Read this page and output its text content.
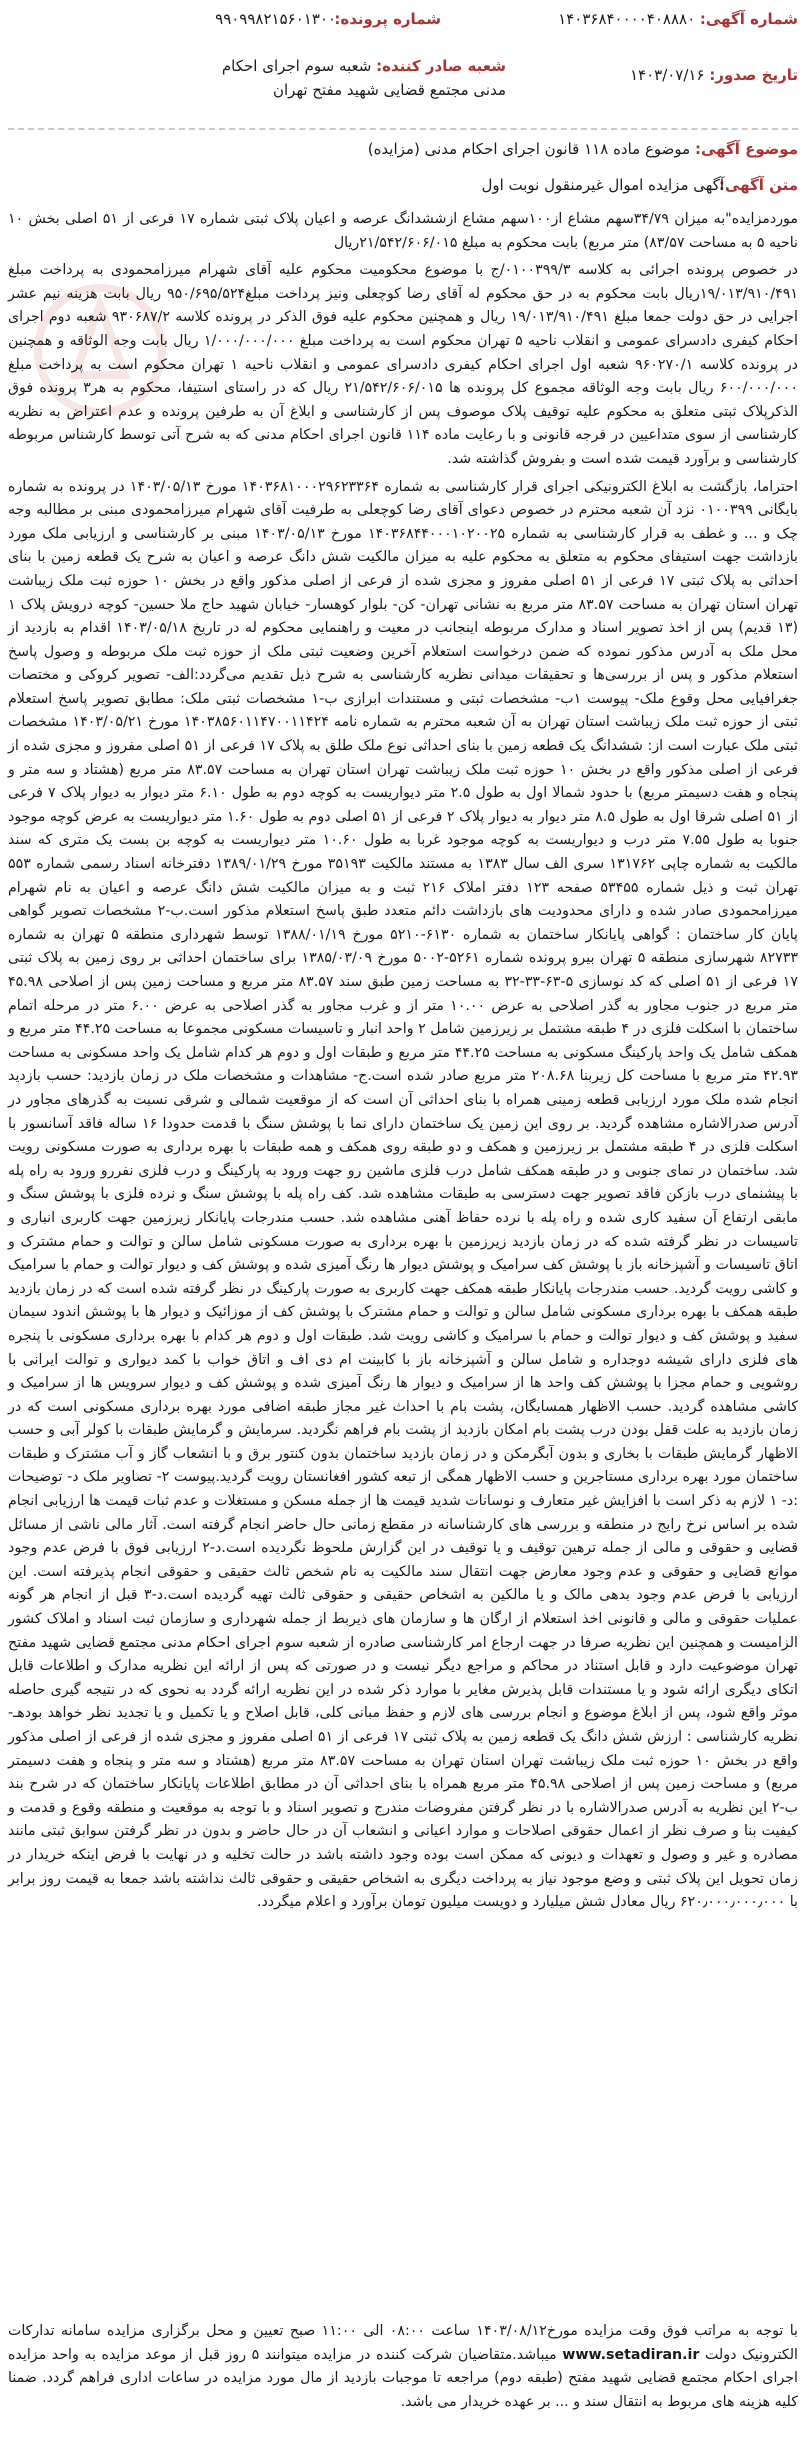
شماره آگهی: ۱۴۰۳۶۸۴۰۰۰۰۴۰۸۸۸۰
شماره پرونده:
۹۹۰۹۹۸۲۱۵۶۰۱۳۰۰
تاریخ صدور: ۱۴۰۳/۰۷/۱۶
شعبه صادر کننده: شعبه سوم اجرای احکام مدنی مجتمع قضایی شهید مفتح تهران
موضوع آگهی: موضوع ماده ۱۱۸ قانون اجرای احکام مدنی (مزایده)
متن آگهی:
آگهی مزایده اموال غیرمنقول نوبت اول

موردمزایده"به میزان ۳۴/۷۹سهم مشاع از۱۰۰سهم مشاع ازششدانگ عرصه و اعیان پلاک ثبتی شماره ۱۷ فرعی از ۵۱ اصلی بخش ۱۰ ناحیه ۵ به مساحت ۸۳/۵۷) متر مربع) بابت محکوم به مبلغ ۲۱/۵۴۲/۶۰۶/۰۱۵ریال

در خصوص پرونده اجرائی به کلاسه ۰۱۰۰۳۹۹/۳/ج با موضوع محکومیت محکوم علیه آقای شهرام میرزامحمودی به پرداخت مبلغ ۱۹/۰۱۳/۹۱۰/۴۹۱ریال بابت محکوم به در حق محکوم له آقای رضا کوچعلی ونیز پرداخت مبلغ۹۵۰/۶۹۵/۵۲۴ ریال بابت هزینه نیم عشر اجرایی در حق دولت جمعا مبلغ ۱۹/۰۱۳/۹۱۰/۴۹۱ ریال و همچنین محکوم علیه فوق الذکر در پرونده کلاسه ۹۳۰۶۸۷/۲ شعبه دوم اجرای احکام کیفری دادسرای عمومی و انقلاب ناحیه ۵ تهران محکوم است به پرداخت مبلغ ۱/۰۰۰/۰۰۰/۰۰۰ ریال بابت وجه الوثاقه و همچنین در پرونده کلاسه ۹۶۰۲۷۰/۱ شعبه اول اجرای احکام کیفری دادسرای عمومی و انقلاب ناحیه ۱ تهران محکوم است به پرداخت مبلغ ۶۰۰/۰۰۰/۰۰۰ ریال بابت وجه الوثاقه مجموع کل پرونده ها ۲۱/۵۴۲/۶۰۶/۰۱۵ ریال که در راستای استیفا، محکوم به هر۳ پرونده فوق الذکرپلاک ثبتی متعلق به محکوم علیه توقیف پلاک موصوف پس از کارشناسی و ابلاغ آن به طرفین پرونده و عدم اعتراض به نظریه کارشناسی از سوی متداعیین در فرجه قانونی و با رعایت ماده ۱۱۴ قانون اجرای احکام مدنی که به شرح آتی توسط کارشناس مربوطه کارشناسی و برآورد قیمت شده است و بفروش گذاشته شد.

احتراما، بازگشت به ابلاغ الکترونیکی اجرای قرار کارشناسی به شماره ۱۴۰۳۶۸۱۰۰۰۲۹۶۲۳۳۶۴ مورخ ۱۴۰۳/۰۵/۱۳ در پرونده به شماره بایگانی ۰۱۰۰۳۹۹ نزد آن شعبه محترم در خصوص دعوای آقای رضا کوچعلی به طرفیت آقای شهرام میرزامحمودی مبنی بر مطالبه وجه چک و ... و غطف به قرار کارشناسی به شماره ۱۴۰۳۶۸۴۴۰۰۰۱۰۲۰۰۲۵ مورخ ۱۴۰۳/۰۵/۱۳ مبنی بر کارشناسی و ارزیابی ملک مورد بازداشت جهت استیفای محکوم به متعلق به محکوم علیه به میزان مالکیت شش دانگ عرصه و اعیان به شرح یک قطعه زمین با بنای احداثی به پلاک ثبتی ۱۷ فرعی از ۵۱ اصلی مفروز و مجزی شده از فرعی از اصلی مذکور واقع در بخش ۱۰ حوزه ثبت ملک زیباشت تهران استان تهران به مساحت ۸۳.۵۷ متر مربع به نشانی تهران- کن- بلوار کوهسار- خیابان شهید حاج ملا حسین- کوچه درویش پلاک ۱ (۱۳ قدیم) پس از اخذ تصویر اسناد و مدارک مربوطه اینجانب در معیت و راهنمایی محکوم له در تاریخ ۱۴۰۳/۰۵/۱۸ اقدام به بازدید از محل ملک به آدرس مذکور نموده که ضمن درخواست استعلام آخرین وضعیت ثبتی ملک از حوزه ثبت ملک مربوطه و وصول پاسخ استعلام مذکور و پس از بررسی‌ها و تحقیقات میدانی نظریه کارشناسی به شرح ذیل تقدیم می‌گردد:الف- تصویر کروکی و مختصات جغرافیایی محل وقوع ملک- پیوست ۱ب- مشخصات ثبتی و مستندات ابرازی ب-۱ مشخصات ثبتی ملک: مطابق تصویر پاسخ استعلام ثبتی از حوزه ثبت ملک زیباشت استان تهران به آن شعبه محترم به شماره نامه ۱۴۰۳۸۵۶۰۱۱۴۷۰۰۱۱۴۲۴ مورخ ۱۴۰۳/۰۵/۲۱ مشخصات ثبتی ملک عبارت است از: ششدانگ یک قطعه زمین با بنای احداثی نوع ملک طلق به پلاک ۱۷ فرعی از ۵۱ اصلی مفروز و مجزی شده از فرعی از اصلی مذکور واقع در بخش ۱۰ حوزه ثبت ملک زیباشت تهران استان تهران به مساحت ۸۳.۵۷ متر مربع (هشتاد و سه متر و پنجاه و هفت دسیمتر مربع) با حدود شمالا اول به طول ۲.۵ متر دیواریست به کوچه دوم به طول ۶.۱۰ متر دیوار به دیوار پلاک ۷ فرعی از ۵۱ اصلی شرقا اول به طول ۸.۵ متر دیوار به دیوار پلاک ۲ فرعی از ۵۱ اصلی دوم به طول ۱.۶۰ متر دیواریست به عرض کوچه موجود جنوبا به طول ۷.۵۵ متر درب و دیواریست به کوچه موجود غربا به طول ۱۰.۶۰ متر دیواریست به کوچه بن بست یک متری که سند مالکیت به شماره چاپی ۱۳۱۷۶۲ سری الف سال ۱۳۸۳ به مستند مالکیت ۳۵۱۹۳ مورخ ۱۳۸۹/۰۱/۲۹ دفترخانه اسناد رسمی شماره ۵۵۳ تهران ثبت و ذیل شماره ۵۳۴۵۵ صفحه ۱۲۳ دفتر املاک ۲۱۶ ثبت و به میزان مالکیت شش دانگ عرصه و اعیان به نام شهرام میرزامحمودی صادر شده و دارای محدودیت های بازداشت دائم متعدد طبق پاسخ استعلام مذکور است.ب-۲ مشخصات تصویر گواهی پایان کار ساختمان : گواهی پایانکار ساختمان به شماره ۶۱۳۰-۵۲۱۰ مورخ ۱۳۸۸/۰۱/۱۹ توسط شهرداری منطقه ۵ تهران به شماره ۸۲۷۳۳ شهرسازی منطقه ۵ تهران بیرو پرونده شماره ۵۲۶۱-۵۰۰۲ مورخ ۱۳۸۵/۰۳/۰۹ برای ساختمان احداثی بر روی زمین به پلاک ثبتی ۱۷ فرعی از ۵۱ اصلی که کد نوسازی ۵-۶۳-۳۳-۳۲ به مساحت زمین طبق سند ۸۳.۵۷ متر مربع و مساحت زمین پس از اصلاحی ۴۵.۹۸ متر مربع در جنوب مجاور به گذر اصلاحی به عرض ۱۰.۰۰ متر از و غرب مجاور به گذر اصلاحی به عرض ۶.۰۰ متر در مرحله اتمام ساختمان با اسکلت فلزی در ۴ طبقه مشتمل بر زیرزمین شامل ۲ واحد انبار و تاسیسات مسکونی مجموعا به مساحت ۴۴.۲۵ متر مربع و همکف شامل یک واحد پارکینگ مسکونی به مساحت ۴۴.۲۵ متر مربع و طبقات اول و دوم هر کدام شامل یک واحد مسکونی به مساحت ۴۲.۹۳ متر مربع با مساحت کل زیربنا ۲۰۸.۶۸ متر مربع صادر شده است.ج- مشاهدات و مشخصات ملک در زمان بازدید: حسب بازدید انجام شده ملک مورد ارزیابی قطعه زمینی همراه با بنای احداثی آن است که از موقعیت شمالی و شرقی نسبت به گذرهای مجاور در آدرس صدرالاشاره مشاهده گردید. بر روی این زمین یک ساختمان دارای نما با پوشش سنگ با قدمت حدودا ۱۶ ساله فاقد آسانسور با اسکلت فلزی در ۴ طبقه مشتمل بر زیرزمین و همکف و دو طبقه روی همکف و همه طبقات با بهره برداری به صورت مسکونی رویت شد. ساختمان در نمای جنوبی و در طبقه همکف شامل درب فلزی ماشین رو جهت ورود به پارکینگ و درب فلزی نفررو ورود به راه پله با پیشنمای درب بازکن فاقد تصویر جهت دسترسی به طبقات مشاهده شد. کف راه پله با پوشش سنگ و نرده فلزی با پوشش سنگ و مابقی ارتفاع آن سفید کاری شده و راه پله با نرده حفاظ آهنی مشاهده شد. حسب مندرجات پایانکار زیرزمین جهت کاربری انباری و تاسیسات در نظر گرفته شده که در زمان بازدید زیرزمین با بهره برداری به صورت مسکونی شامل سالن و توالت و حمام مشترک و اتاق تاسیسات و آشپزخانه باز با پوشش کف سرامیک و پوشش دیوار ها رنگ آمیزی شده و پوشش کف و دیوار توالت و حمام با سرامیک و کاشی رویت گردید. حسب مندرجات پایانکار طبقه همکف جهت کاربری به صورت پارکینگ در نظر گرفته شده است که در زمان بازدید طبقه همکف با بهره برداری مسکونی شامل سالن و توالت و حمام مشترک با پوشش کف از موزائیک و دیوار ها با پوشش اندود سیمان سفید و پوشش کف و دیوار توالت و حمام با سرامیک و کاشی رویت شد. طبقات اول و دوم هر کدام با بهره برداری مسکونی با پنجره های فلزی دارای شیشه دوجداره و شامل سالن و آشپزخانه باز با کابینت ام دی اف و اتاق خواب با کمد دیواری و توالت ایرانی با روشویی و حمام مجزا با پوشش کف واحد ها از سرامیک و دیوار ها رنگ آمیزی شده و پوشش کف و دیوار سرویس ها از سرامیک و کاشی مشاهده گردید. حسب الاظهار همسایگان، پشت بام با احداث غیر مجاز طبقه اضافی مورد بهره برداری مسکونی است که در زمان بازدید به علت قفل بودن درب پشت بام امکان بازدید از پشت بام فراهم نگردید. سرمایش و گرمایش طبقات با کولر آبی و حسب الاظهار گرمایش طبقات با بخاری و بدون آبگرمکن و در زمان بازدید ساختمان بدون کنتور برق و با انشعاب گاز و آب مشترک و طبقات ساختمان مورد بهره برداری مستاجرین و حسب الاظهار همگی از تبعه کشور افغانستان رویت گردید.پیوست ۲- تصاویر ملک د- توضیحات :د- ۱ لازم به ذکر است با افزایش غیر متعارف و نوسانات شدید قیمت ها از جمله مسکن و مستغلات و عدم ثبات قیمت ها ارزیابی انجام شده بر اساس نرخ رایج در منطقه و بررسی های کارشناسانه در مقطع زمانی حال حاضر انجام گرفته است. آثار مالی ناشی از مسائل قضایی و حقوقی و مالی از جمله ترهین توقیف و یا توقیف در این گزارش ملحوظ نگردیده است.د-۲ ارزیابی فوق با فرض عدم وجود موانع قضایی و حقوقی و عدم وجود معارض جهت انتقال سند مالکیت به نام شخص ثالث حقیقی و حقوقی انجام پذیرفته است. این ارزیابی با فرض عدم وجود بدهی مالک و یا مالکین به اشخاص حقیقی و حقوقی ثالث تهیه گردیده است.د-۳ قبل از انجام هر گونه عملیات حقوقی و مالی و قانونی اخذ استعلام از ارگان ها و سازمان های ذیربط از جمله شهرداری و سازمان ثبت اسناد و املاک کشور الزامیست و همچنین این نظریه صرفا در جهت ارجاع امر کارشناسی صادره از شعبه سوم اجرای احکام مدنی مجتمع قضایی شهید مفتح تهران موضوعیت دارد و قابل استناد در محاکم و مراجع دیگر نیست و در صورتی که پس از ارائه این نظریه مدارک و اطلاعات قابل اتکای دیگری ارائه شود و یا مستندات قابل پذیرش مغایر با موارد ذکر شده در این نظریه ارائه گردد به نحوی که در نتیجه گیری حاصله موثر واقع شود، پس از ابلاغ موضوع و انجام بررسی های لازم و حفظ مبانی کلی، قابل اصلاح و یا تکمیل و یا تجدید نظر خواهد بودهـ- نظریه کارشناسی : ارزش شش دانگ یک قطعه زمین به پلاک ثبتی ۱۷ فرعی از ۵۱ اصلی مفروز و مجزی شده از فرعی از اصلی مذکور واقع در بخش ۱۰ حوزه ثبت ملک زیباشت تهران استان تهران به مساحت ۸۳.۵۷ متر مربع (هشتاد و سه متر و پنجاه و هفت دسیمتر مربع) و مساحت زمین پس از اصلاحی ۴۵.۹۸ متر مربع همراه با بنای احداثی آن در مطابق اطلاعات پایانکار ساختمان که در شرح بند ب-۲ این نظریه به آدرس صدرالاشاره با در نظر گرفتن مفروضات مندرج و تصویر اسناد و با توجه به موقعیت و منطقه وقوع و قدمت و کیفیت بنا و صرف نظر از اعمال حقوقی اصلاحات و موارد اعیانی و انشعاب آن در حال حاضر و بدون در نظر گرفتن سوابق ثبتی مانند مصادره و غیر و وصول و تعهدات و دیونی که ممکن است بوده وجود داشته باشد در حالت تخلیه و در نهایت با فرض اینکه خریدار در زمان تحویل این پلاک ثبتی و وضع موجود نیاز به پرداخت دیگری به اشخاص حقیقی و حقوقی ثالث نداشته باشد جمعا به قیمت روز برابر با ۶۲۰٫۰۰۰٫۰۰۰٫۰۰۰ ریال معادل شش میلیارد و دویست میلیون تومان برآورد و اعلام میگردد.

با توجه به مراتب فوق وقت مزایده مورخ۱۴۰۳/۰۸/۱۲ ساعت ۰۸:۰۰ الی ۱۱:۰۰ صبح تعیین و محل برگزاری مزایده سامانه تدارکات الکترونیک دولت www.setadiran.ir میباشد.متقاضیان شرکت کننده در مزایده میتوانند ۵ روز قبل از موعد مزایده به واحد مزایده اجرای احکام مجتمع قضایی شهید مفتح (طبقه دوم) مراجعه تا موجبات بازدید از مال مورد مزایده در ساعات اداری فراهم گردد. ضمنا کلیه هزینه های مربوط به انتقال سند و ... بر عهده خریدار می باشد.
